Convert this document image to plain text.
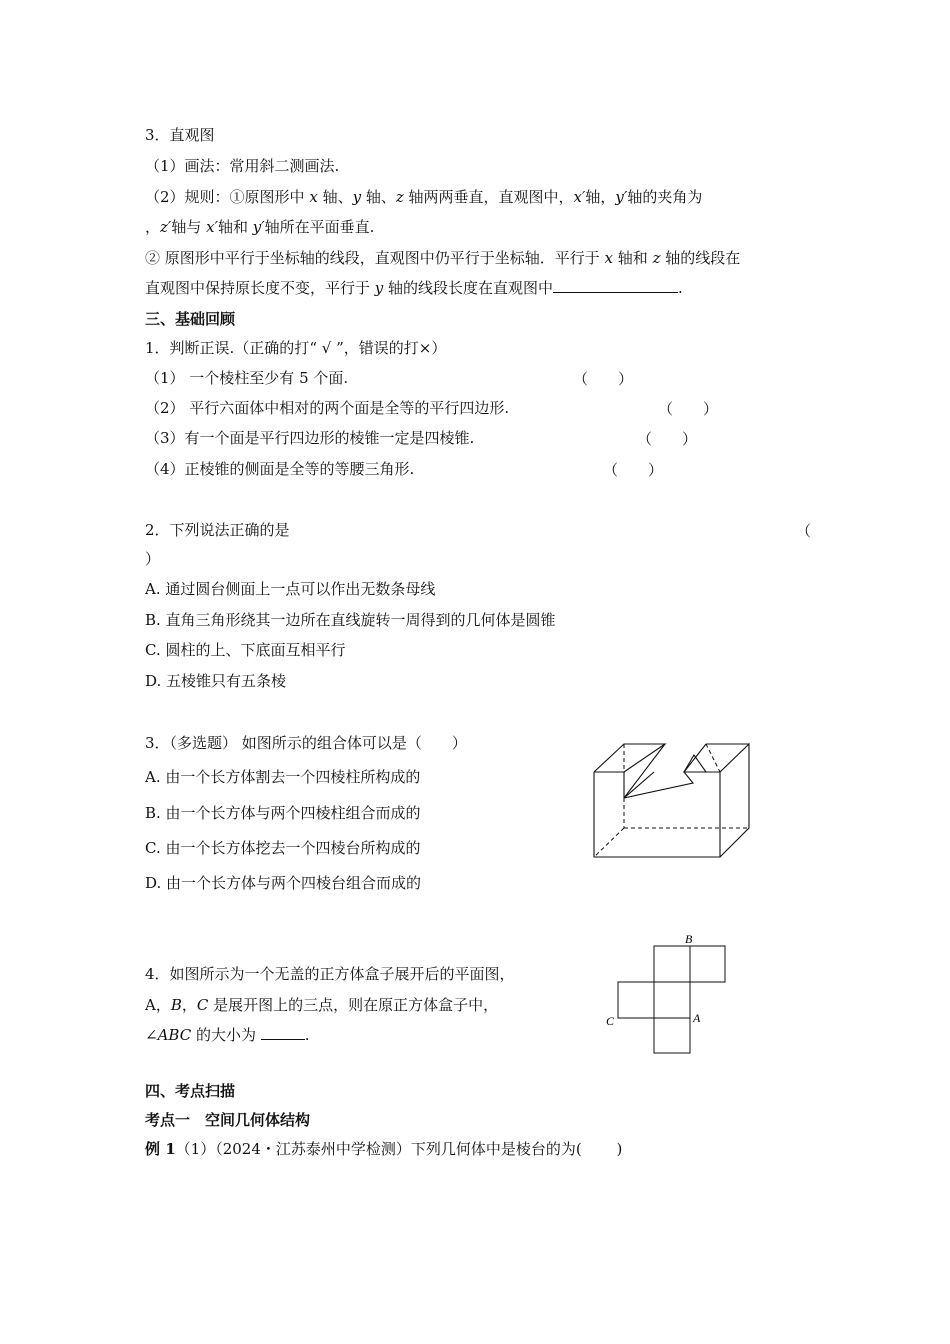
3．直观图
（1）画法：常用斜二测画法.
（2）规则：①原图形中 x 轴、y 轴、z 轴两两垂直，直观图中，x′轴，y′轴的夹角为
，z′轴与 x′轴和 y′轴所在平面垂直.
② 原图形中平行于坐标轴的线段，直观图中仍平行于坐标轴．平行于 x 轴和 z 轴的线段在
直观图中保持原长度不变，平行于 y 轴的线段长度在直观图中	.
三、基础回顾
1．判断正误.（正确的打“ √ ”，错误的打×）
（1） 一个棱柱至少有 5 个面.	（　　）
（2） 平行六面体中相对的两个面是全等的平行四边形.	（　　）
（3）有一个面是平行四边形的棱锥一定是四棱锥.	（　　）
（4）正棱锥的侧面是全等的等腰三角形.	（　　）
2．下列说法正确的是	（
）
A. 通过圆台侧面上一点可以作出无数条母线
B. 直角三角形绕其一边所在直线旋转一周得到的几何体是圆锥
C. 圆柱的上、下底面互相平行
D. 五棱锥只有五条棱
3．（多选题） 如图所示的组合体可以是（　　）
A. 由一个长方体割去一个四棱柱所构成的
B. 由一个长方体与两个四棱柱组合而成的
C. 由一个长方体挖去一个四棱台所构成的
D. 由一个长方体与两个四棱台组合而成的
4．如图所示为一个无盖的正方体盒子展开后的平面图，
A，B，C 是展开图上的三点，则在原正方体盒子中，
∠ABC 的大小为	.
B
C	A
四、考点扫描
考点一　空间几何体结构
例 1（1）（2024・江苏泰州中学检测）下列几何体中是棱台的为(　　 )
